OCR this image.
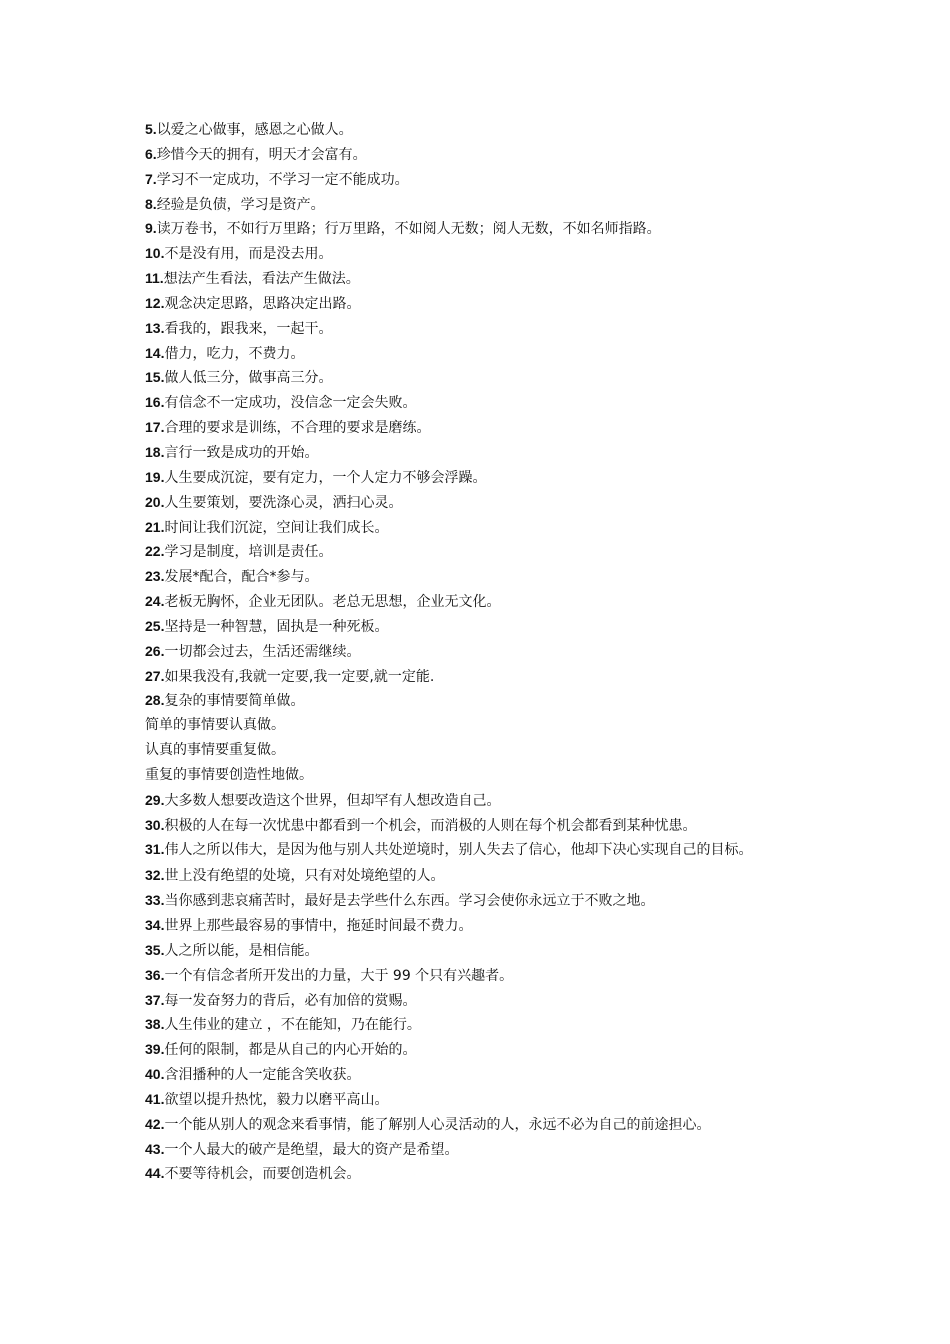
5.以爱之心做事，感恩之心做人。
6.珍惜今天的拥有，明天才会富有。
7.学习不一定成功，不学习一定不能成功。
8.经验是负债，学习是资产。
9.读万卷书，不如行万里路；行万里路，不如阅人无数；阅人无数，不如名师指路。
10.不是没有用，而是没去用。
11.想法产生看法，看法产生做法。
12.观念决定思路，思路决定出路。
13.看我的，跟我来，一起干。
14.借力，吃力，不费力。
15.做人低三分，做事高三分。
16.有信念不一定成功，没信念一定会失败。
17.合理的要求是训练，不合理的要求是磨练。
18.言行一致是成功的开始。
19.人生要成沉淀，要有定力，一个人定力不够会浮躁。
20.人生要策划，要洗涤心灵，洒扫心灵。
21.时间让我们沉淀，空间让我们成长。
22.学习是制度，培训是责任。
23.发展*配合，配合*参与。
24.老板无胸怀，企业无团队。老总无思想，企业无文化。
25.坚持是一种智慧，固执是一种死板。
26.一切都会过去，生活还需继续。
27.如果我没有,我就一定要,我一定要,就一定能.
28.复杂的事情要简单做。
简单的事情要认真做。
认真的事情要重复做。
重复的事情要创造性地做。
29.大多数人想要改造这个世界，但却罕有人想改造自己。
30.积极的人在每一次忧患中都看到一个机会，而消极的人则在每个机会都看到某种忧患。
31.伟人之所以伟大，是因为他与别人共处逆境时，别人失去了信心，他却下决心实现自己的目标。
32.世上没有绝望的处境，只有对处境绝望的人。
33.当你感到悲哀痛苦时，最好是去学些什么东西。学习会使你永远立于不败之地。
34.世界上那些最容易的事情中，拖延时间最不费力。
35.人之所以能，是相信能。
36.一个有信念者所开发出的力量，大于 99 个只有兴趣者。
37.每一发奋努力的背后，必有加倍的赏赐。
38.人生伟业的建立 ，不在能知，乃在能行。
39.任何的限制，都是从自己的内心开始的。
40.含泪播种的人一定能含笑收获。
41.欲望以提升热忱，毅力以磨平高山。
42.一个能从别人的观念来看事情，能了解别人心灵活动的人，永远不必为自己的前途担心。
43.一个人最大的破产是绝望，最大的资产是希望。
44.不要等待机会，而要创造机会。
